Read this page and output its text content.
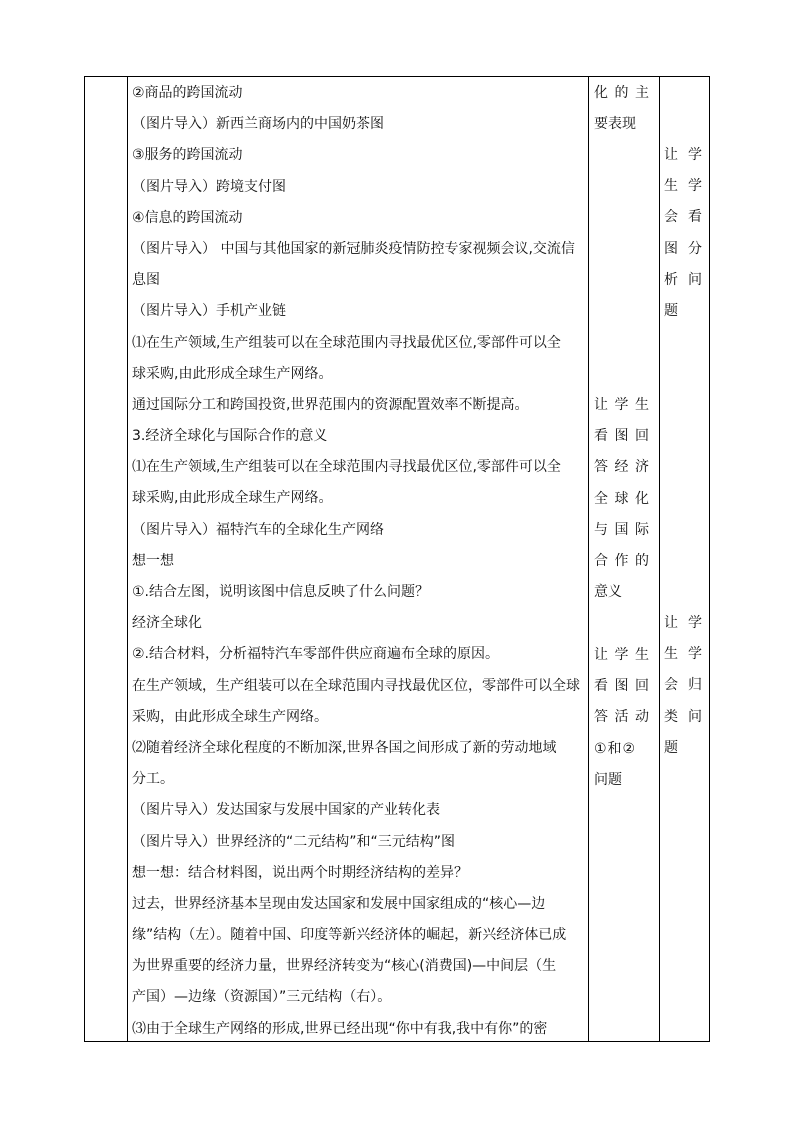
②商品的跨国流动
（图片导入）新西兰商场内的中国奶茶图
③服务的跨国流动
（图片导入）跨境支付图
④信息的跨国流动
（图片导入） 中国与其他国家的新冠肺炎疫情防控专家视频会议,交流信
息图
（图片导入）手机产业链
⑴在生产领域,生产组装可以在全球范围内寻找最优区位,零部件可以全
球采购,由此形成全球生产网络。
通过国际分工和跨国投资,世界范围内的资源配置效率不断提高。
3.经济全球化与国际合作的意义
⑴在生产领域,生产组装可以在全球范围内寻找最优区位,零部件可以全
球采购,由此形成全球生产网络。
（图片导入）福特汽车的全球化生产网络
想一想
①.结合左图，说明该图中信息反映了什么问题？
经济全球化
②.结合材料，分析福特汽车零部件供应商遍布全球的原因。
在生产领域，生产组装可以在全球范围内寻找最优区位，零部件可以全球
采购，由此形成全球生产网络。
⑵随着经济全球化程度的不断加深,世界各国之间形成了新的劳动地域
分工。
（图片导入）发达国家与发展中国家的产业转化表
（图片导入）世界经济的“二元结构”和“三元结构”图
想一想：结合材料图，说出两个时期经济结构的差异？
过去，世界经济基本呈现由发达国家和发展中国家组成的“核心—边
缘”结构（左）。随着中国、印度等新兴经济体的崛起，新兴经济体已成
为世界重要的经济力量，世界经济转变为“核心(消费国)—中间层（生
产国）—边缘（资源国）”三元结构（右）。
⑶由于全球生产网络的形成,世界已经出现“你中有我,我中有你”的密
化的主
要表现
让学生
看图回
答经济
全球化
与国际
合作的
意义
让学生
看图回
答活动
①和②
问题
让 学
生 学
会 看
图 分
析 问
题
让 学
生 学
会 归
类 问
题
